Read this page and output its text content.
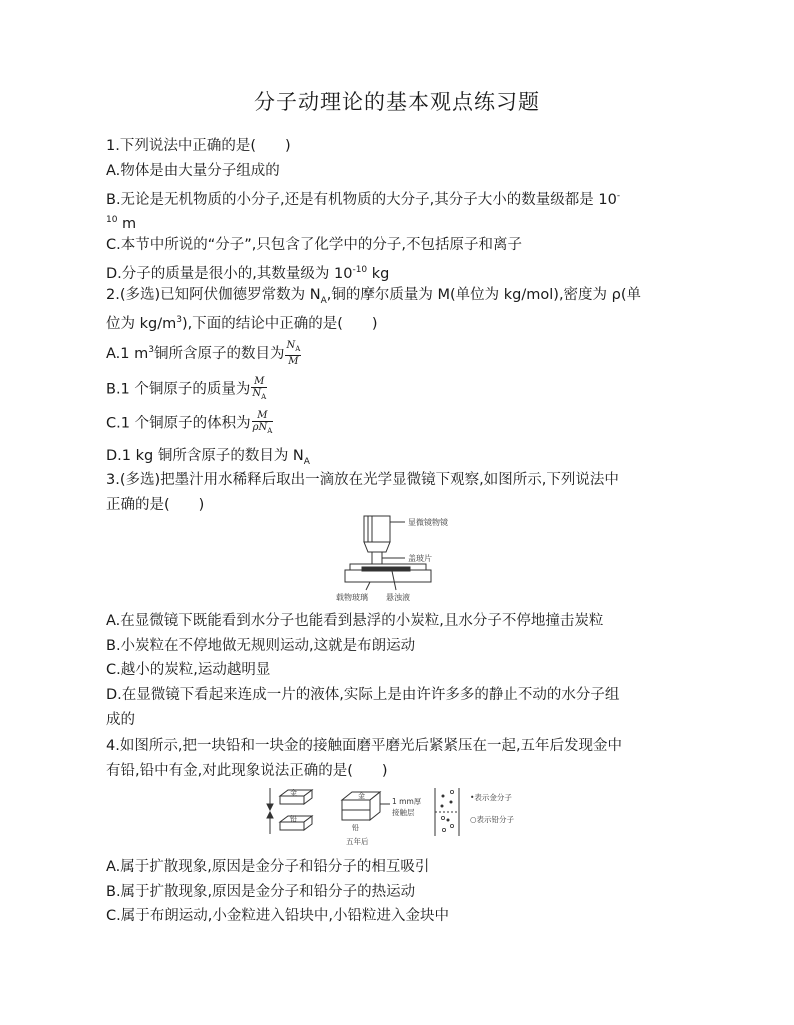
分子动理论的基本观点练习题
1.下列说法中正确的是(　　)
A.物体是由大量分子组成的
B.无论是无机物质的小分子,还是有机物质的大分子,其分子大小的数量级都是 10-
$^{10}$ m
C.本节中所说的“分子”,只包含了化学中的分子,不包括原子和离子
D.分子的质量是很小的,其数量级为 $10^{-10}$ kg
2.(多选)已知阿伏伽德罗常数为 $N_A$,铜的摩尔质量为 M(单位为 kg/mol),密度为 ρ(单
位为 $kg/m^3$),下面的结论中正确的是(　　)
A.1 $m^3$铜所含原子的数目为 $\frac{N_A}{M}$
B.1 个铜原子的质量为 $\frac{M}{N_A}$
C.1 个铜原子的体积为 $\frac{M}{\rho N_A}$
D.1 kg 铜所含原子的数目为 $N_A$
3.(多选)把墨汁用水稀释后取出一滴放在光学显微镜下观察,如图所示,下列说法中
正确的是(　　)
显微镜物镜
盖玻片
载物玻璃 悬浊液
A.在显微镜下既能看到水分子也能看到悬浮的小炭粒,且水分子不停地撞击炭粒
B.小炭粒在不停地做无规则运动,这就是布朗运动
C.越小的炭粒,运动越明显
D.在显微镜下看起来连成一片的液体,实际上是由许许多多的静止不动的水分子组
成的
4.如图所示,把一块铅和一块金的接触面磨平磨光后紧紧压在一起,五年后发现金中
有铅,铅中有金,对此现象说法正确的是(　　)
金
铅
金
铅
1 mm厚
接触层
五年后
•表示金分子
○表示铅分子
A.属于扩散现象,原因是金分子和铅分子的相互吸引
B.属于扩散现象,原因是金分子和铅分子的热运动
C.属于布朗运动,小金粒进入铅块中,小铅粒进入金块中
